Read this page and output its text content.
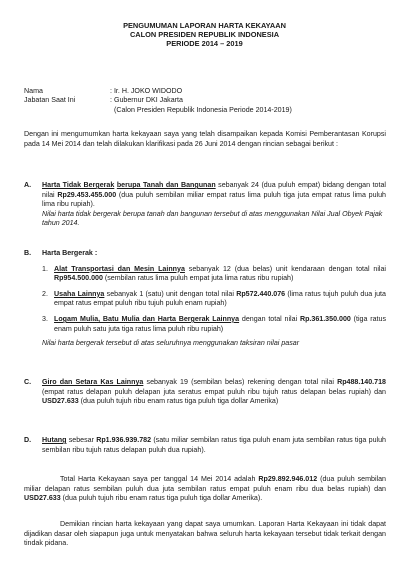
PENGUMUMAN LAPORAN HARTA KEKAYAAN
CALON PRESIDEN REPUBLIK INDONESIA
PERIODE 2014 – 2019
Nama	: Ir. H. JOKO WIDODO
Jabatan Saat Ini	: Gubernur DKI Jakarta
(Calon Presiden Republik Indonesia Periode 2014-2019)
Dengan ini mengumumkan harta kekayaan saya yang telah disampaikan kepada Komisi Pemberantasan Korupsi pada 14 Mei 2014 dan telah dilakukan klarifikasi pada 26 Juni 2014 dengan rincian sebagai berikut :
A.	Harta Tidak Bergerak berupa Tanah dan Bangunan sebanyak 24 (dua puluh empat) bidang dengan total nilai Rp29.453.455.000 (dua puluh sembilan miliar empat ratus lima puluh tiga juta empat ratus lima puluh lima ribu rupiah).
Nilai harta tidak bergerak berupa tanah dan bangunan tersebut di atas menggunakan Nilai Jual Obyek Pajak tahun 2014.
B.	Harta Bergerak :
1. Alat Transportasi dan Mesin Lainnya sebanyak 12 (dua belas) unit kendaraan dengan total nilai Rp954.500.000 (sembilan ratus lima puluh empat juta lima ratus ribu rupiah)
2. Usaha Lainnya sebanyak 1 (satu) unit dengan total nilai Rp572.440.076 (lima ratus tujuh puluh dua juta empat ratus empat puluh ribu tujuh puluh enam rupiah)
3. Logam Mulia, Batu Mulia dan Harta Bergerak Lainnya dengan total nilai Rp.361.350.000 (tiga ratus enam puluh satu juta tiga ratus lima puluh ribu rupiah)
Nilai harta bergerak tersebut di atas seluruhnya menggunakan taksiran nilai pasar
C.	Giro dan Setara Kas Lainnya sebanyak 19 (sembilan belas) rekening dengan total nilai Rp488.140.718 (empat ratus delapan puluh delapan juta seratus empat puluh ribu tujuh ratus delapan belas rupiah) dan USD27.633 (dua puluh tujuh ribu enam ratus tiga puluh tiga dollar Amerika)
D.	Hutang sebesar Rp1.936.939.782 (satu miliar sembilan ratus tiga puluh enam juta sembilan ratus tiga puluh sembilan ribu tujuh ratus delapan puluh dua rupiah).
Total Harta Kekayaan saya per tanggal 14 Mei 2014 adalah Rp29.892.946.012 (dua puluh sembilan miliar delapan ratus sembilan puluh dua juta sembilan ratus empat puluh enam ribu dua belas rupiah) dan USD27.633 (dua puluh tujuh ribu enam ratus tiga puluh tiga dollar Amerika).
Demikian rincian harta kekayaan yang dapat saya umumkan. Laporan Harta Kekayaan ini tidak dapat dijadikan dasar oleh siapapun juga untuk menyatakan bahwa seluruh harta kekayaan tersebut tidak terkait dengan tindak pidana.
